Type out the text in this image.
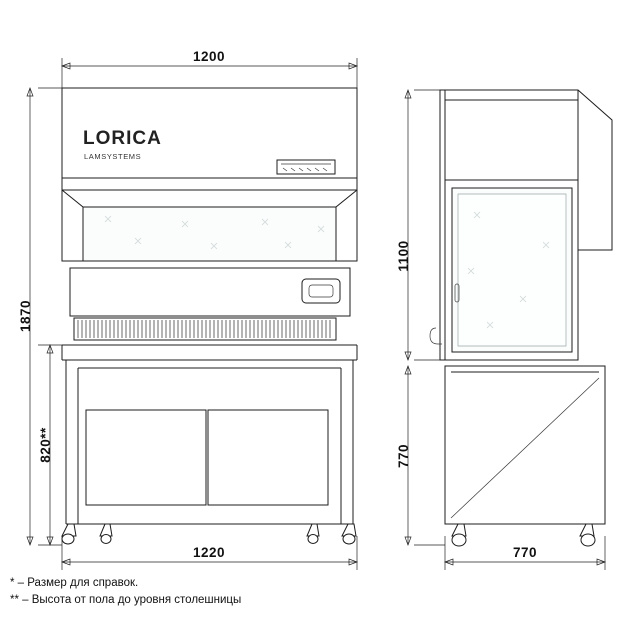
LORICA
LAMSYSTEMS
1200
1870
820**
1220
1100
770
770
* – Размер для справок.
** – Высота от пола до уровня столешницы
